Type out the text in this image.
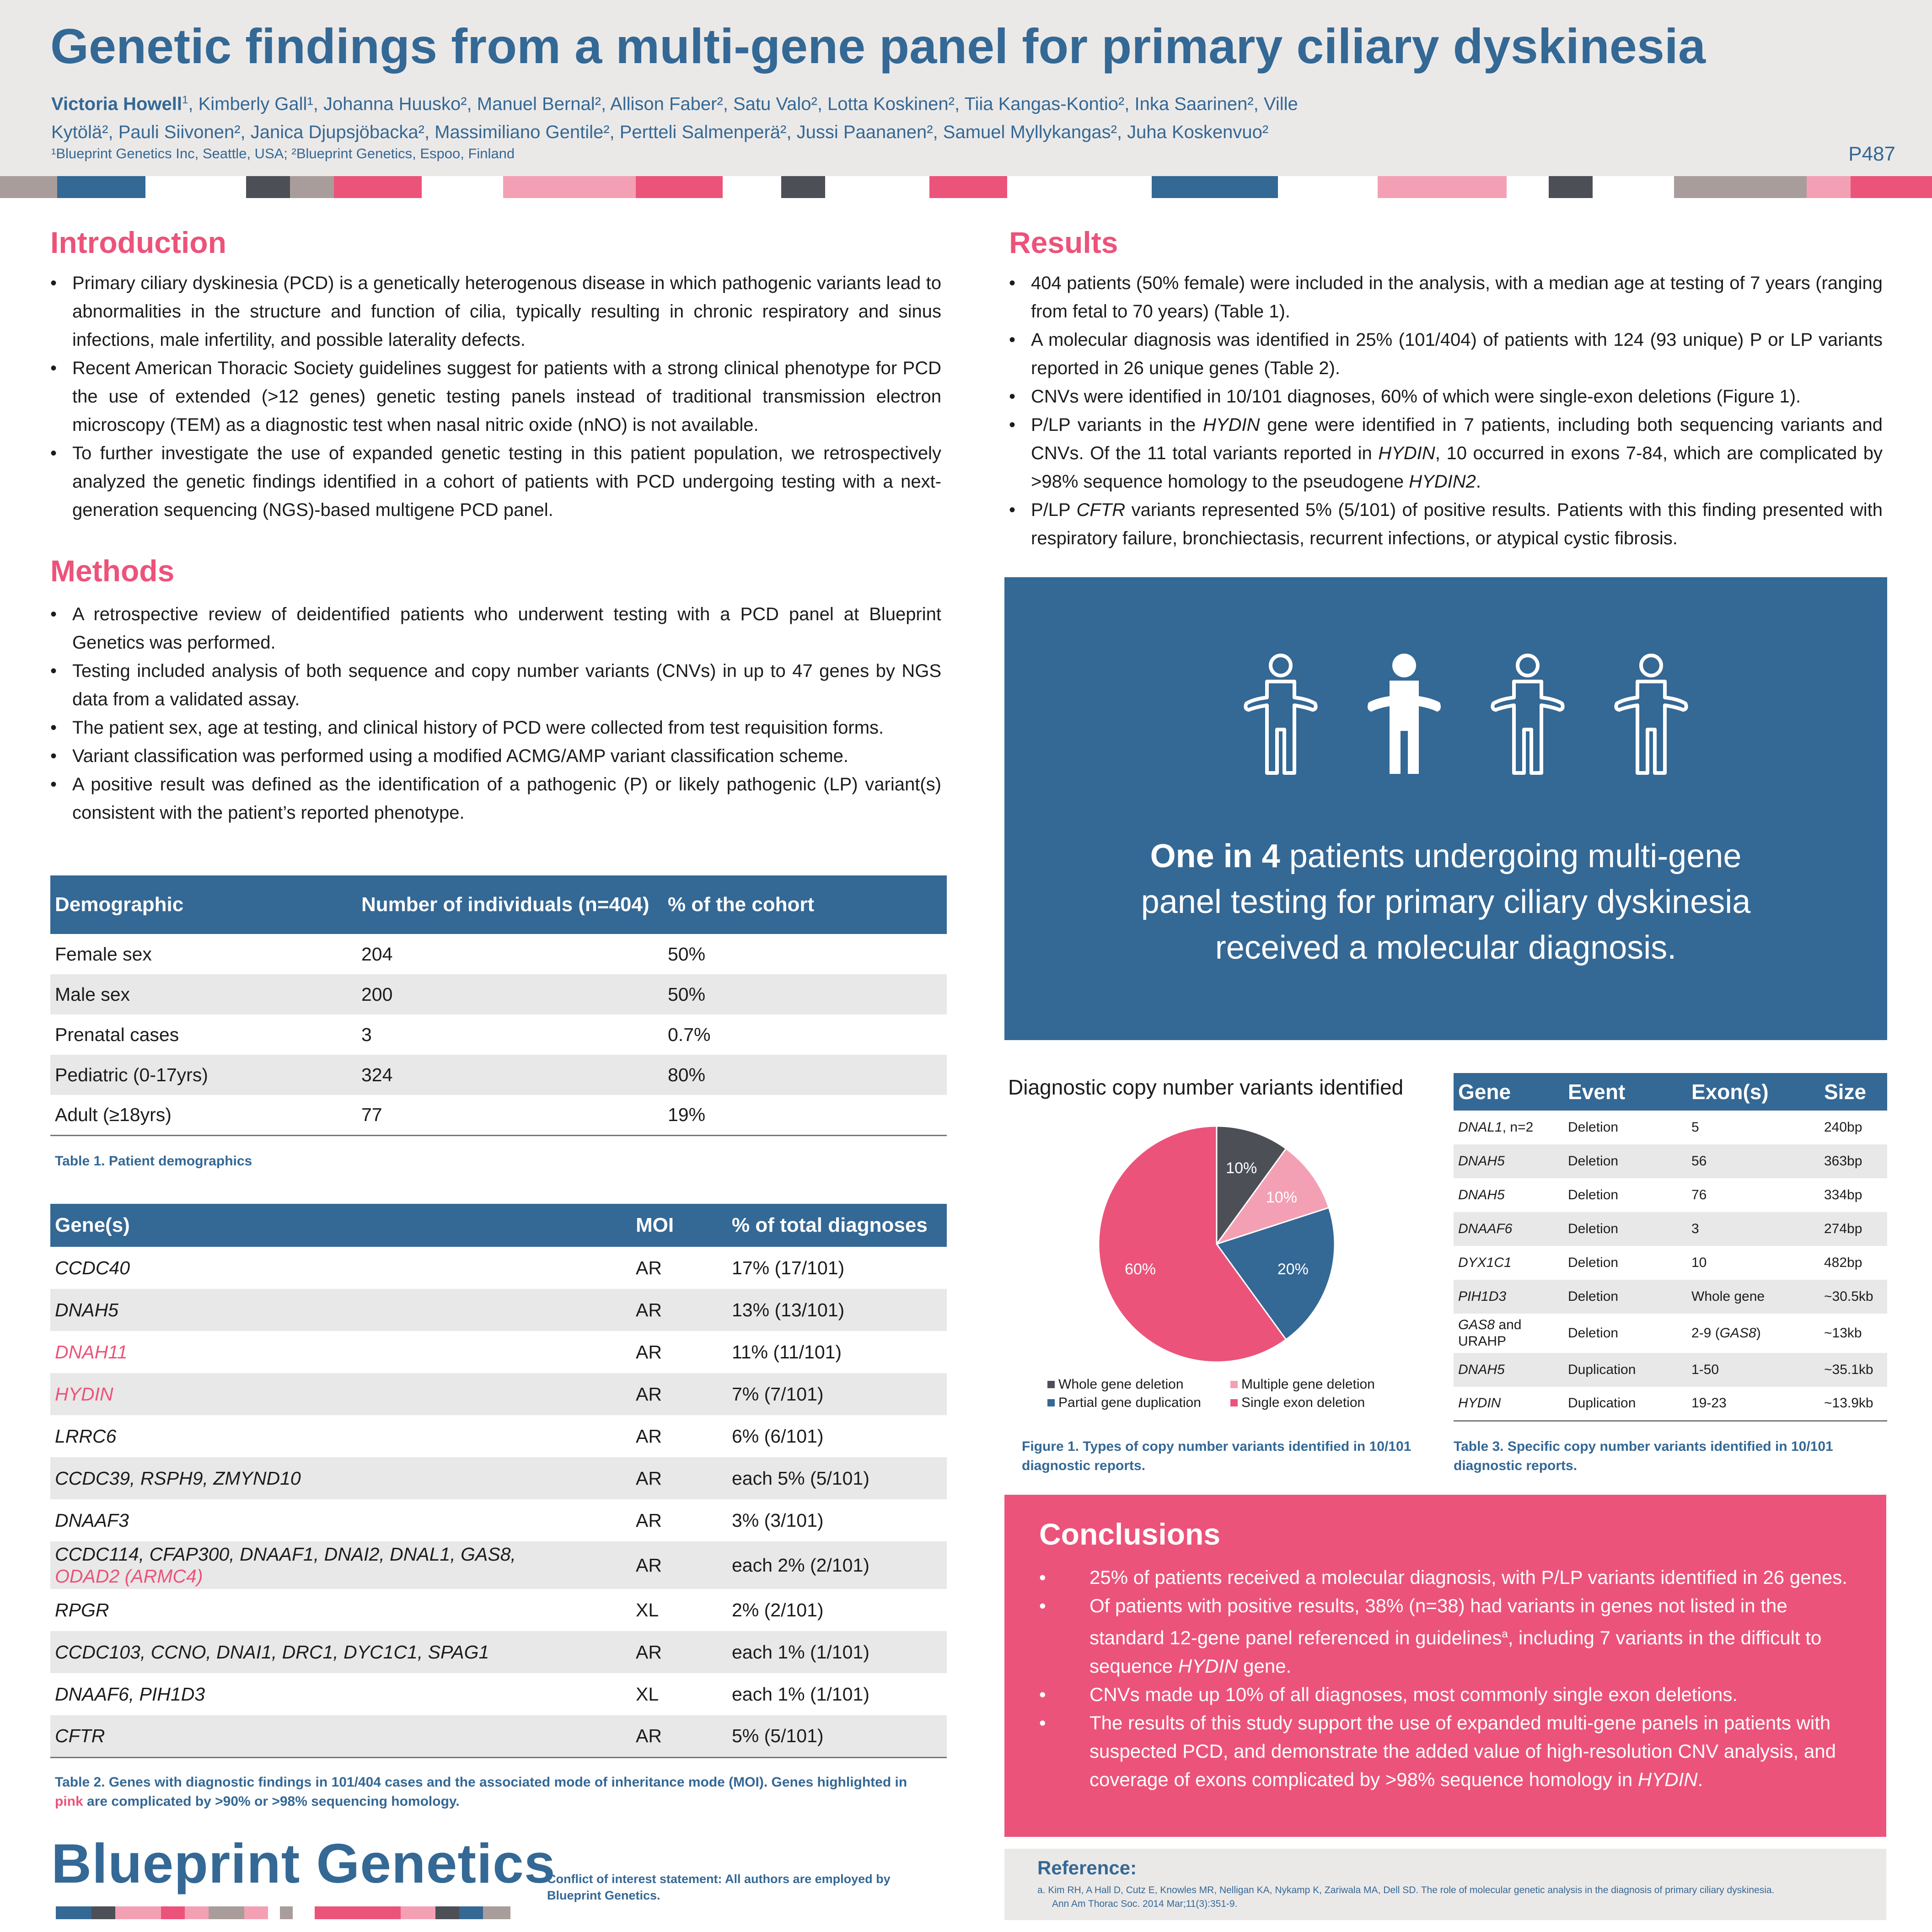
Genetic findings from a multi-gene panel for primary ciliary dyskinesia
Victoria Howell$^1$, Kimberly Gall¹, Johanna Huusko², Manuel Bernal², Allison Faber², Satu Valo², Lotta Koskinen², Tiia Kangas-Kontio², Inka Saarinen², Ville
Kytölä², Pauli Siivonen², Janica Djupsjöbacka², Massimiliano Gentile², Pertteli Salmenperä², Jussi Paananen², Samuel Myllykangas², Juha Koskenvuo²
¹Blueprint Genetics Inc, Seattle, USA; ²Blueprint Genetics, Espoo, Finland	P487
Introduction
• Primary ciliary dyskinesia (PCD) is a genetically heterogenous disease in which pathogenic variants lead to abnormalities in the structure and function of cilia, typically resulting in chronic respiratory and sinus infections, male infertility, and possible laterality defects.
• Recent American Thoracic Society guidelines suggest for patients with a strong clinical phenotype for PCD the use of extended (>12 genes) genetic testing panels instead of traditional transmission electron microscopy (TEM) as a diagnostic test when nasal nitric oxide (nNO) is not available.
• To further investigate the use of expanded genetic testing in this patient population, we retrospectively analyzed the genetic findings identified in a cohort of patients with PCD undergoing testing with a next-generation sequencing (NGS)-based multigene PCD panel.
Methods
• A retrospective review of deidentified patients who underwent testing with a PCD panel at Blueprint Genetics was performed.
• Testing included analysis of both sequence and copy number variants (CNVs) in up to 47 genes by NGS data from a validated assay.
• The patient sex, age at testing, and clinical history of PCD were collected from test requisition forms.
• Variant classification was performed using a modified ACMG/AMP variant classification scheme.
• A positive result was defined as the identification of a pathogenic (P) or likely pathogenic (LP) variant(s) consistent with the patient’s reported phenotype.
Demographic	Number of individuals (n=404)	% of the cohort
Female sex	204	50%
Male sex	200	50%
Prenatal cases	3	0.7%
Pediatric (0-17yrs)	324	80%
Adult (≥18yrs)	77	19%
Table 1. Patient demographics
Gene(s)	MOI	% of total diagnoses
CCDC40	AR	17% (17/101)
DNAH5	AR	13% (13/101)
DNAH11	AR	11% (11/101)
HYDIN	AR	7% (7/101)
LRRC6	AR	6% (6/101)
CCDC39, RSPH9, ZMYND10	AR	each 5% (5/101)
DNAAF3	AR	3% (3/101)
CCDC114, CFAP300, DNAAF1, DNAI2, DNAL1, GAS8,
ODAD2 (ARMC4)	AR	each 2% (2/101)
RPGR	XL	2% (2/101)
CCDC103, CCNO, DNAI1, DRC1, DYC1C1, SPAG1	AR	each 1% (1/101)
DNAAF6, PIH1D3	XL	each 1% (1/101)
CFTR	AR	5% (5/101)
Table 2. Genes with diagnostic findings in 101/404 cases and the associated mode of inheritance mode (MOI). Genes highlighted in pink are complicated by >90% or >98% sequencing homology.
Blueprint Genetics
Conflict of interest statement: All authors are employed by Blueprint Genetics.
Results
• 404 patients (50% female) were included in the analysis, with a median age at testing of 7 years (ranging from fetal to 70 years) (Table 1).
• A molecular diagnosis was identified in 25% (101/404) of patients with 124 (93 unique) P or LP variants reported in 26 unique genes (Table 2).
• CNVs were identified in 10/101 diagnoses, 60% of which were single-exon deletions (Figure 1).
• P/LP variants in the HYDIN gene were identified in 7 patients, including both sequencing variants and CNVs. Of the 11 total variants reported in HYDIN, 10 occurred in exons 7-84, which are complicated by >98% sequence homology to the pseudogene HYDIN2.
• P/LP CFTR variants represented 5% (5/101) of positive results. Patients with this finding presented with respiratory failure, bronchiectasis, recurrent infections, or atypical cystic fibrosis.
One in 4 patients undergoing multi-gene
panel testing for primary ciliary dyskinesia
received a molecular diagnosis.
Diagnostic copy number variants identified
10%
10%
20%
60%
Whole gene deletion	Multiple gene deletion
Partial gene duplication	Single exon deletion
Figure 1. Types of copy number variants identified in 10/101 diagnostic reports.
Gene	Event	Exon(s)	Size
DNAL1, n=2	Deletion	5	240bp
DNAH5	Deletion	56	363bp
DNAH5	Deletion	76	334bp
DNAAF6	Deletion	3	274bp
DYX1C1	Deletion	10	482bp
PIH1D3	Deletion	Whole gene	~30.5kb
GAS8 and URAHP	Deletion	2-9 (GAS8)	~13kb
DNAH5	Duplication	1-50	~35.1kb
HYDIN	Duplication	19-23	~13.9kb
Table 3. Specific copy number variants identified in 10/101 diagnostic reports.
Conclusions
• 25% of patients received a molecular diagnosis, with P/LP variants identified in 26 genes.
• Of patients with positive results, 38% (n=38) had variants in genes not listed in the standard 12-gene panel referenced in guidelines$^a$, including 7 variants in the difficult to sequence HYDIN gene.
• CNVs made up 10% of all diagnoses, most commonly single exon deletions.
• The results of this study support the use of expanded multi-gene panels in patients with suspected PCD, and demonstrate the added value of high-resolution CNV analysis, and coverage of exons complicated by >98% sequence homology in HYDIN.
Reference:
a. Kim RH, A Hall D, Cutz E, Knowles MR, Nelligan KA, Nykamp K, Zariwala MA, Dell SD. The role of molecular genetic analysis in the diagnosis of primary ciliary dyskinesia.
Ann Am Thorac Soc. 2014 Mar;11(3):351-9.
